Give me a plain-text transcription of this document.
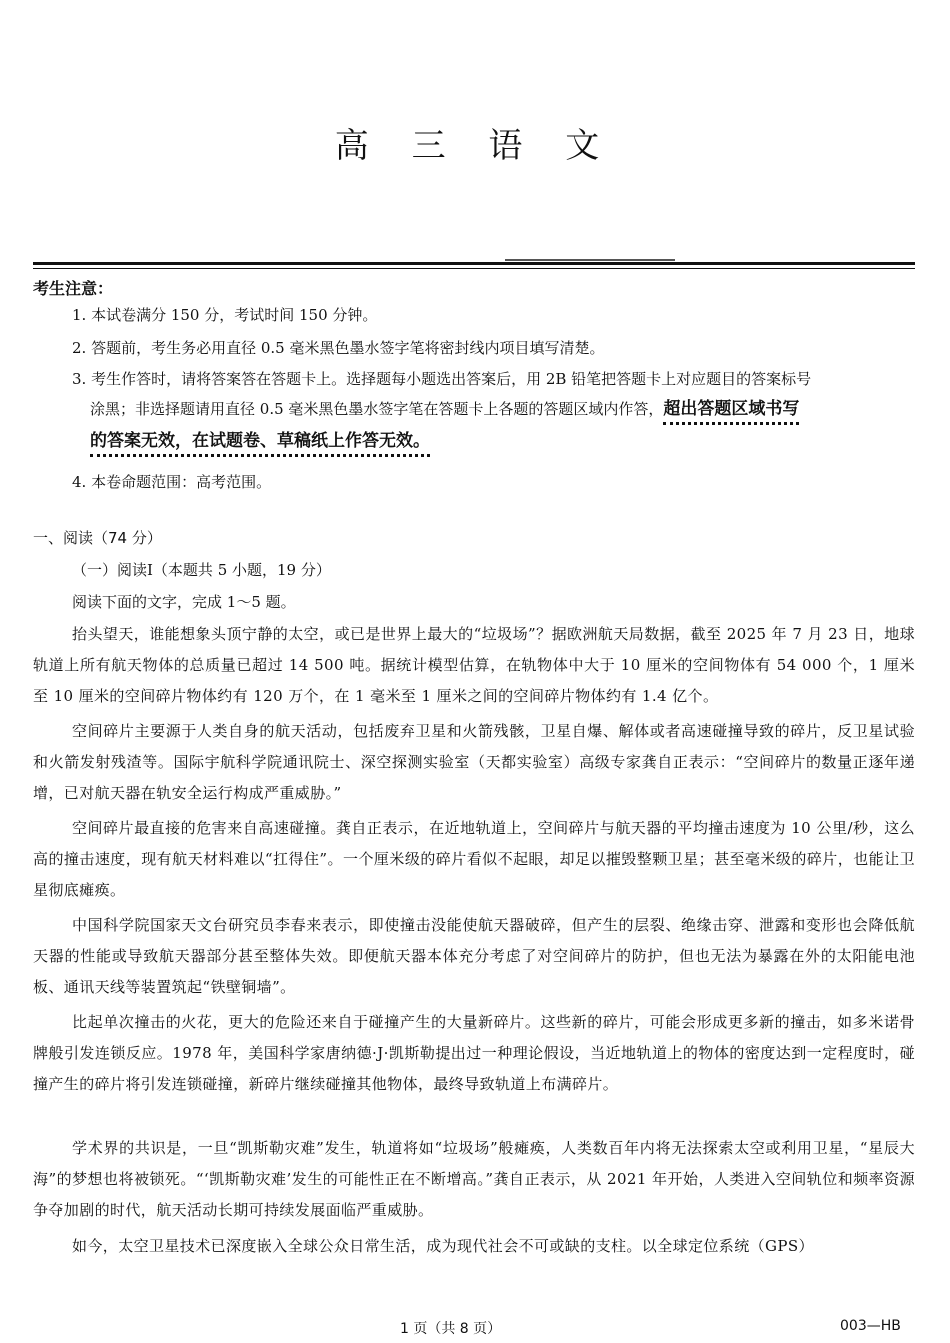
高 三 语 文
考生注意：
1. 本试卷满分 150 分，考试时间 150 分钟。
2. 答题前，考生务必用直径 0.5 毫米黑色墨水签字笔将密封线内项目填写清楚。
3. 考生作答时，请将答案答在答题卡上。选择题每小题选出答案后，用 2B 铅笔把答题卡上对应题目的答案标号
涂黑；非选择题请用直径 0.5 毫米黑色墨水签字笔在答题卡上各题的答题区域内作答，超出答题区域书写
的答案无效，在试题卷、草稿纸上作答无效。
4. 本卷命题范围：高考范围。
一、阅读（74 分）
（一）阅读Ⅰ（本题共 5 小题，19 分）
阅读下面的文字，完成 1～5 题。
抬头望天，谁能想象头顶宁静的太空，或已是世界上最大的“垃圾场”？据欧洲航天局数据，截至 2025 年 7 月 23 日，地球轨道上所有航天物体的总质量已超过 14 500 吨。据统计模型估算，在轨物体中大于 10 厘米的空间物体有 54 000 个，1 厘米至 10 厘米的空间碎片物体约有 120 万个，在 1 毫米至 1 厘米之间的空间碎片物体约有 1.4 亿个。
空间碎片主要源于人类自身的航天活动，包括废弃卫星和火箭残骸，卫星自爆、解体或者高速碰撞导致的碎片，反卫星试验和火箭发射残渣等。国际宇航科学院通讯院士、深空探测实验室（天都实验室）高级专家龚自正表示：“空间碎片的数量正逐年递增，已对航天器在轨安全运行构成严重威胁。”
空间碎片最直接的危害来自高速碰撞。龚自正表示，在近地轨道上，空间碎片与航天器的平均撞击速度为 10 公里/秒，这么高的撞击速度，现有航天材料难以“扛得住”。一个厘米级的碎片看似不起眼，却足以摧毁整颗卫星；甚至毫米级的碎片，也能让卫星彻底瘫痪。
中国科学院国家天文台研究员李春来表示，即使撞击没能使航天器破碎，但产生的层裂、绝缘击穿、泄露和变形也会降低航天器的性能或导致航天器部分甚至整体失效。即便航天器本体充分考虑了对空间碎片的防护，但也无法为暴露在外的太阳能电池板、通讯天线等装置筑起“铁壁铜墙”。
比起单次撞击的火花，更大的危险还来自于碰撞产生的大量新碎片。这些新的碎片，可能会形成更多新的撞击，如多米诺骨牌般引发连锁反应。1978 年，美国科学家唐纳德·J·凯斯勒提出过一种理论假设，当近地轨道上的物体的密度达到一定程度时，碰撞产生的碎片将引发连锁碰撞，新碎片继续碰撞其他物体，最终导致轨道上布满碎片。
学术界的共识是，一旦“凯斯勒灾难”发生，轨道将如“垃圾场”般瘫痪，人类数百年内将无法探索太空或利用卫星，“星辰大海”的梦想也将被锁死。“‘凯斯勒灾难’发生的可能性正在不断增高。”龚自正表示，从 2021 年开始，人类进入空间轨位和频率资源争夺加剧的时代，航天活动长期可持续发展面临严重威胁。
如今，太空卫星技术已深度嵌入全球公众日常生活，成为现代社会不可或缺的支柱。以全球定位系统（GPS）
1 页（共 8 页）	003—HB
